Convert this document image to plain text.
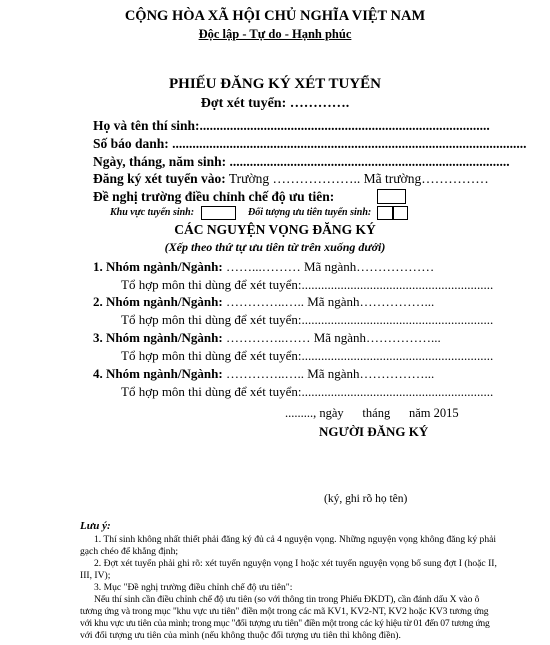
CỘNG HÒA XÃ HỘI CHỦ NGHĨA VIỆT NAM
Độc lập - Tự do - Hạnh phúc
PHIẾU ĐĂNG KÝ XÉT TUYỂN
Đợt xét tuyển: ………….
Họ và tên thí sinh:......................................................................................
Số báo danh: .........................................................................................................
Ngày, tháng, năm sinh: ...................................................................................
Đăng ký xét tuyển vào: Trường ……………….. Mã trường……………
Đề nghị trường điều chỉnh chế độ ưu tiên:
Khu vực tuyển sinh:	Đối tượng ưu tiên tuyển sinh:
CÁC NGUYỆN VỌNG ĐĂNG KÝ
(Xếp theo thứ tự ưu tiên từ trên xuống dưới)
1. Nhóm ngành/Ngành: ……...……… Mã ngành………………
Tổ hợp môn thi dùng để xét tuyển:...........................................................
2. Nhóm ngành/Ngành: …………..….. Mã ngành……………...
Tổ hợp môn thi dùng để xét tuyển:...........................................................
3. Nhóm ngành/Ngành: …………..…… Mã ngành……………...
Tổ hợp môn thi dùng để xét tuyển:...........................................................
4. Nhóm ngành/Ngành: …………..….. Mã ngành……………...
Tổ hợp môn thi dùng để xét tuyển:...........................................................
........., ngày      tháng      năm 2015
NGƯỜI ĐĂNG KÝ
(ký, ghi rõ họ tên)
Lưu ý:
1. Thí sinh không nhất thiết phải đăng ký đủ cả 4 nguyện vọng. Những nguyện vọng không đăng ký phải
gạch chéo để khẳng định;
2. Đợt xét tuyển phải ghi rõ: xét tuyển nguyện vọng I hoặc xét tuyển nguyện vọng bổ sung đợt I (hoặc II,
III, IV);
3. Mục "Đề nghị trường điều chỉnh chế độ ưu tiên":
Nếu thí sinh cần điều chỉnh chế độ ưu tiên (so với thông tin trong Phiếu ĐKDT), cần đánh dấu X vào ô
tương ứng và trong mục "khu vực ưu tiên" điền một trong các mã KV1, KV2-NT, KV2 hoặc KV3 tương ứng
với khu vực ưu tiên của mình; trong mục "đối tượng ưu tiên" điền một trong các ký hiệu từ 01 đến 07 tương ứng
với đối tượng ưu tiên của mình (nếu không thuộc đối tượng ưu tiên thì không điền).
